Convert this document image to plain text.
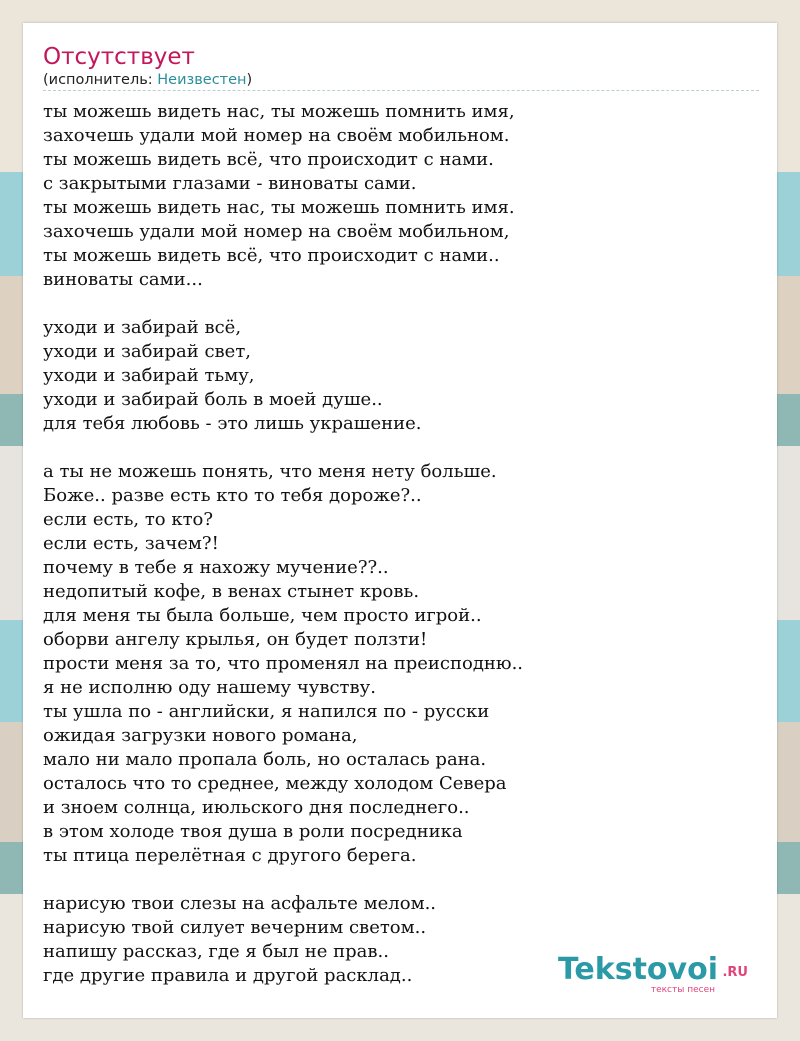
Отсутствует
(исполнитель: Неизвестен)
ты можешь видеть нас, ты можешь помнить имя,
захочешь удали мой номер на своём мобильном.
ты можешь видеть всё, что происходит с нами.
с закрытыми глазами - виноваты сами.
ты можешь видеть нас, ты можешь помнить имя.
захочешь удали мой номер на своём мобильном,
ты можешь видеть всё, что происходит с нами..
виноваты сами...
уходи и забирай всё,
уходи и забирай свет,
уходи и забирай тьму,
уходи и забирай боль в моей душе..
для тебя любовь - это лишь украшение.
а ты не можешь понять, что меня нету больше.
Боже.. разве есть кто то тебя дороже?..
если есть, то кто?
если есть, зачем?!
почему в тебе я нахожу мучение??..
недопитый кофе, в венах стынет кровь.
для меня ты была больше, чем просто игрой..
оборви ангелу крылья, он будет ползти!
прости меня за то, что променял на преисподню..
я не исполню оду нашему чувству.
ты ушла по - английски, я напился по - русски
ожидая загрузки нового романа,
мало ни мало пропала боль, но осталась рана.
осталось что то среднее, между холодом Севера
и зноем солнца, июльского дня последнего..
в этом холоде твоя душа в роли посредника
ты птица перелётная с другого берега.
нарисую твои слезы на асфальте мелом..
нарисую твой силует вечерним светом..
напишу рассказ, где я был не прав..
где другие правила и другой расклад..	Tekstovoi .RU
тексты песен
